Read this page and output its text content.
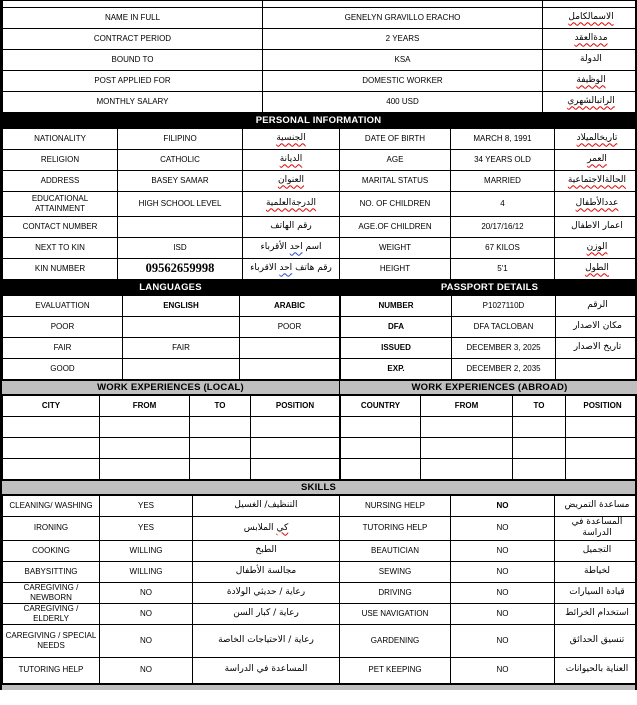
NAME IN FULL	GENELYN GRAVILLO ERACHO	الاسمالكامل
CONTRACT PERIOD	2 YEARS	مدةالعقد
BOUND TO	KSA	الدولة
POST APPLIED FOR	DOMESTIC WORKER	الوظيفة
MONTHLY SALARY	400 USD	الراتبالشهري
PERSONAL INFORMATION
NATIONALITY	FILIPINO	الجنسية	DATE OF BIRTH	MARCH 8, 1991	تاريخالميلاد
RELIGION	CATHOLIC	الديانة	AGE	34 YEARS OLD	العمر
ADDRESS	BASEY SAMAR	العنوان	MARITAL STATUS	MARRIED	الحالةالاجتماعية
EDUCATIONAL ATTAINMENT	HIGH SCHOOL LEVEL	الدرجةالعلمية	NO. OF CHILDREN	4	عددالأطفال
CONTACT NUMBER		رقم الهاتف	AGE.OF CHILDREN	20/17/16/12	اعمار الاطفال
NEXT TO KIN	ISD	اسم احد الأقرباء	WEIGHT	67 KILOS	الوزن
KIN NUMBER	09562659998	رقم هاتف احد الاقرباء	HEIGHT	5'1	الطول
LANGUAGES
EVALUATTION	ENGLISH	ARABIC
POOR		POOR
FAIR	FAIR	
GOOD		
PASSPORT DETAILS
NUMBER	P1027110D	الرقم
DFA	DFA TACLOBAN	مكان الاصدار
ISSUED	DECEMBER 3, 2025	تاريخ الاصدار
EXP.	DECEMBER 2, 2035	
WORK EXPERIENCES (LOCAL)
CITY	FROM	TO	POSITION

WORK EXPERIENCES (ABROAD)
COUNTRY	FROM	TO	POSITION

SKILLS
CLEANING/ WASHING	YES	التنظيف/ الغسيل	NURSING HELP	NO	مساعدة التمريض
IRONING	YES	كي الملابس	TUTORING HELP	NO	المساعدة في الدراسة
COOKING	WILLING	الطبخ	BEAUTICIAN	NO	التجميل
BABYSITTING	WILLING	مجالسة الأطفال	SEWING	NO	لخياطة
CAREGIVING / NEWBORN	NO	رعاية / حديثي الولادة	DRIVING	NO	قيادة السيارات
CAREGIVING / ELDERLY	NO	رعاية / كبار السن	USE NAVIGATION	NO	استخدام الخرائط
CAREGIVING / SPECIAL NEEDS	NO	رعاية / الاحتياجات الخاصة	GARDENING	NO	تنسيق الحدائق
TUTORING HELP	NO	المساعدة في الدراسة	PET KEEPING	NO	العناية بالحيوانات
